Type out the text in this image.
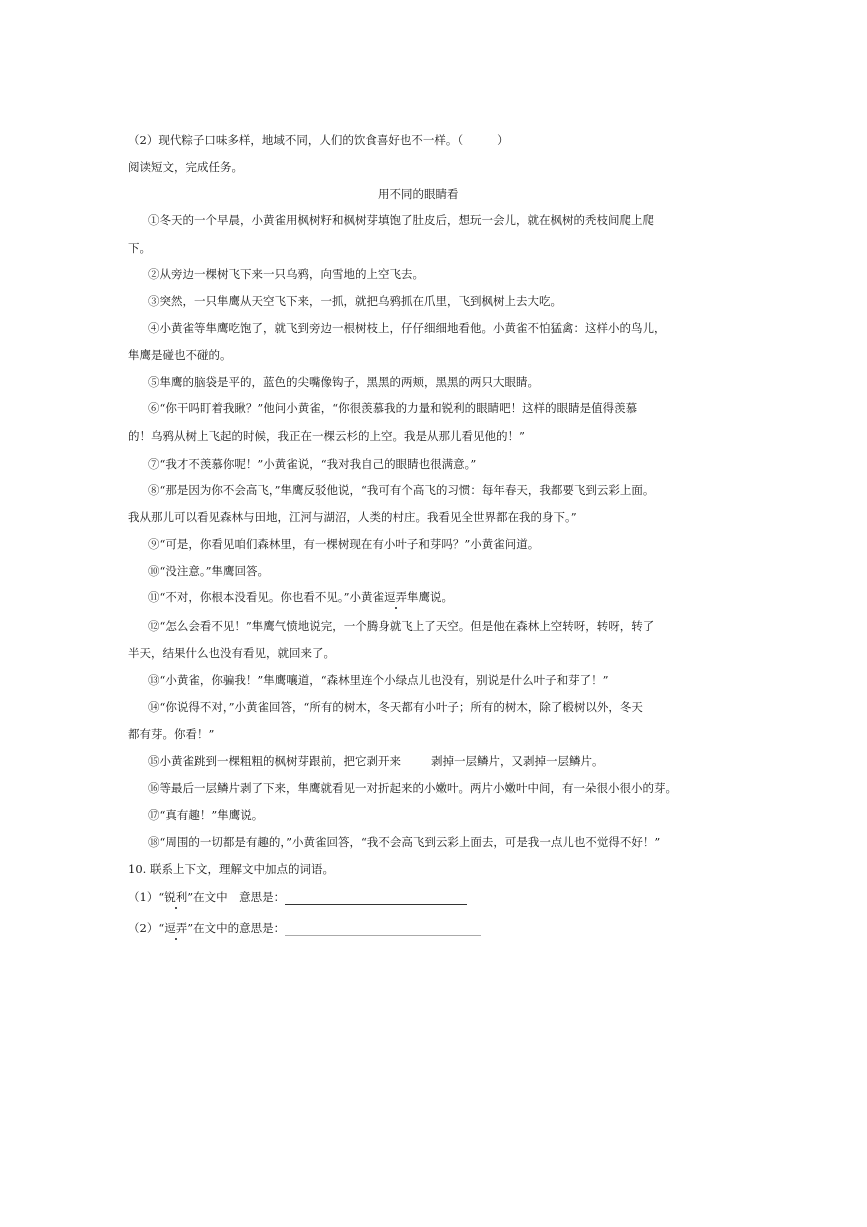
（2）现代粽子口味多样，地域不同，人们的饮食喜好也不一样。（	）
阅读短文，完成任务。
用不同的眼睛看
①冬天的一个早晨，小黄雀用枫树籽和枫树芽填饱了肚皮后，想玩一会儿，就在枫树的秃枝间爬上爬
下。
②从旁边一棵树飞下来一只乌鸦，向雪地的上空飞去。
③突然，一只隼鹰从天空飞下来，一抓，就把乌鸦抓在爪里，飞到枫树上去大吃。
④小黄雀等隼鹰吃饱了，就飞到旁边一根树枝上，仔仔细细地看他。小黄雀不怕猛禽：这样小的鸟儿，
隼鹰是碰也不碰的。
⑤隼鹰的脑袋是平的，蓝色的尖嘴像钩子，黑黑的两颊，黑黑的两只大眼睛。
⑥“你干吗盯着我瞅？”他问小黄雀，“你很羡慕我的力量和锐利的眼睛吧！这样的眼睛是值得羡慕
的！乌鸦从树上飞起的时候，我正在一棵云杉的上空。我是从那儿看见他的！”
⑦“我才不羡慕你呢！”小黄雀说，“我对我自己的眼睛也很满意。”
⑧“那是因为你不会高飞，”隼鹰反驳他说，“我可有个高飞的习惯：每年春天，我都要飞到云彩上面。
我从那儿可以看见森林与田地，江河与湖沼，人类的村庄。我看见全世界都在我的身下。”
⑨“可是，你看见咱们森林里，有一棵树现在有小叶子和芽吗？”小黄雀问道。
⑩“没注意。”隼鹰回答。
⑪“不对，你根本没看见。你也看不见。”小黄雀逗弄隼鹰说。
⑫“怎么会看不见！”隼鹰气愤地说完，一个腾身就飞上了天空。但是他在森林上空转呀，转呀，转了
半天，结果什么也没有看见，就回来了。
⑬“小黄雀，你骗我！”隼鹰嚷道，“森林里连个小绿点儿也没有，别说是什么叶子和芽了！”
⑭“你说得不对，”小黄雀回答，“所有的树木，冬天都有小叶子；所有的树木，除了椴树以外，冬天
都有芽。你看！”
⑮小黄雀跳到一棵粗粗的枫树芽跟前，把它剥开来	剥掉一层鳞片，又剥掉一层鳞片。
⑯等最后一层鳞片剥了下来，隼鹰就看见一对折起来的小嫩叶。两片小嫩叶中间，有一朵很小很小的芽。
⑰“真有趣！”隼鹰说。
⑱“周围的一切都是有趣的，”小黄雀回答，“我不会高飞到云彩上面去，可是我一点儿也不觉得不好！”
10. 联系上下文，理解文中加点的词语。
（1）“锐利”在文中　意思是：
（2）“逗弄”在文中的意思是：
